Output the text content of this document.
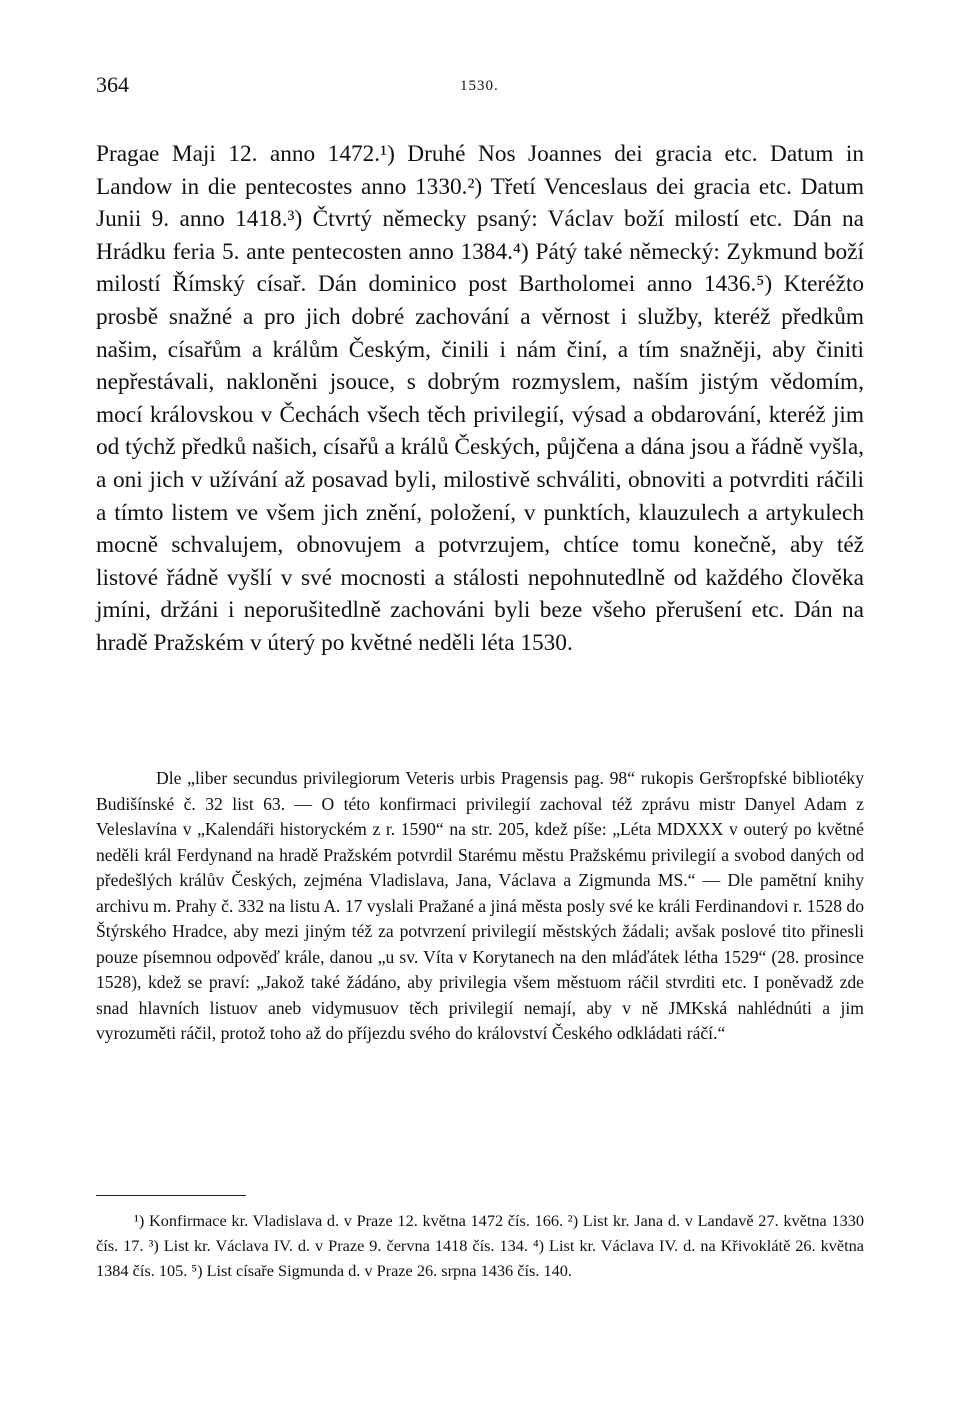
364	1530.

Pragae Maji 12. anno 1472.¹) Druhé Nos Joannes dei gracia etc. Datum in Landow in die pentecostes anno 1330.²) Třetí Venceslaus dei gracia etc. Datum Junii 9. anno 1418.³) Čtvrtý německy psaný: Václav boží milostí etc. Dán na Hrádku feria 5. ante pentecosten anno 1384.⁴) Pátý také německý: Zykmund boží milostí Římský císař. Dán dominico post Bartholomei anno 1436.⁵) Kteréžto prosbě snažné a pro jich dobré zachování a věrnost i služby, kteréž předkům našim, císařům a králům Českým, činili i nám činí, a tím snažněji, aby činiti nepřestávali, nakloněni jsouce, s dobrým rozmyslem, naším jistým vědomím, mocí královskou v Čechách všech těch privilegií, výsad a obdarování, kteréž jim od týchž předků našich, císařů a králů Českých, půjčena a dána jsou a řádně vyšla, a oni jich v užívání až posavad byli, milostivě schváliti, obnoviti a potvrditi ráčili a tímto listem ve všem jich znění, položení, v punktích, klauzulech a artykulech mocně schvalujem, obnovujem a potvrzujem, chtíce tomu konečně, aby též listové řádně vyšlí v své mocnosti a stálosti nepohnutedlně od každého člověka jmíni, držáni i neporušitedlně zachováni byli beze všeho přerušení etc. Dán na hradě Pražském v úterý po květné neděli léta 1530.

Dle „liber secundus privilegiorum Veteris urbis Pragensis pag. 98“ rukopis Geršторfské bibliotéky Budišínské č. 32 list 63. — O této konfirmaci privilegií zachoval též zprávu mistr Danyel Adam z Veleslavína v „Kalendáři historyckém z r. 1590“ na str. 205, kdež píše: „Léta MDXXX v outerý po květné neděli král Ferdynand na hradě Pražském potvrdil Starému městu Pražskému privilegií a svobod daných od předešlých králův Českých, zejména Vladislava, Jana, Václava a Zigmunda MS.“ — Dle pamětní knihy archivu m. Prahy č. 332 na listu A. 17 vyslali Pražané a jiná města posly své ke králi Ferdinandovi r. 1528 do Štýrského Hradce, aby mezi jiným též za potvrzení privilegií městských žádali; avšak poslové tito přinesli pouze písemnou odpověď krále, danou „u sv. Víta v Korytanech na den mláďátek létha 1529“ (28. prosince 1528), kdež se praví: „Jakož také žádáno, aby privilegia všem městuom ráčil stvrditi etc. I poněvadž zde snad hlavních listuov aneb vidymusuov těch privilegií nemají, aby v ně JMKská nahlédnúti a jim vyrozuměti ráčil, protož toho až do příjezdu svého do království Českého odkládati ráčí.“

¹) Konfirmace kr. Vladislava d. v Praze 12. května 1472 čís. 166. ²) List kr. Jana d. v Landavě 27. května 1330 čís. 17. ³) List kr. Václava IV. d. v Praze 9. června 1418 čís. 134. ⁴) List kr. Václava IV. d. na Křivoklátě 26. května 1384 čís. 105. ⁵) List císaře Sigmunda d. v Praze 26. srpna 1436 čís. 140.
